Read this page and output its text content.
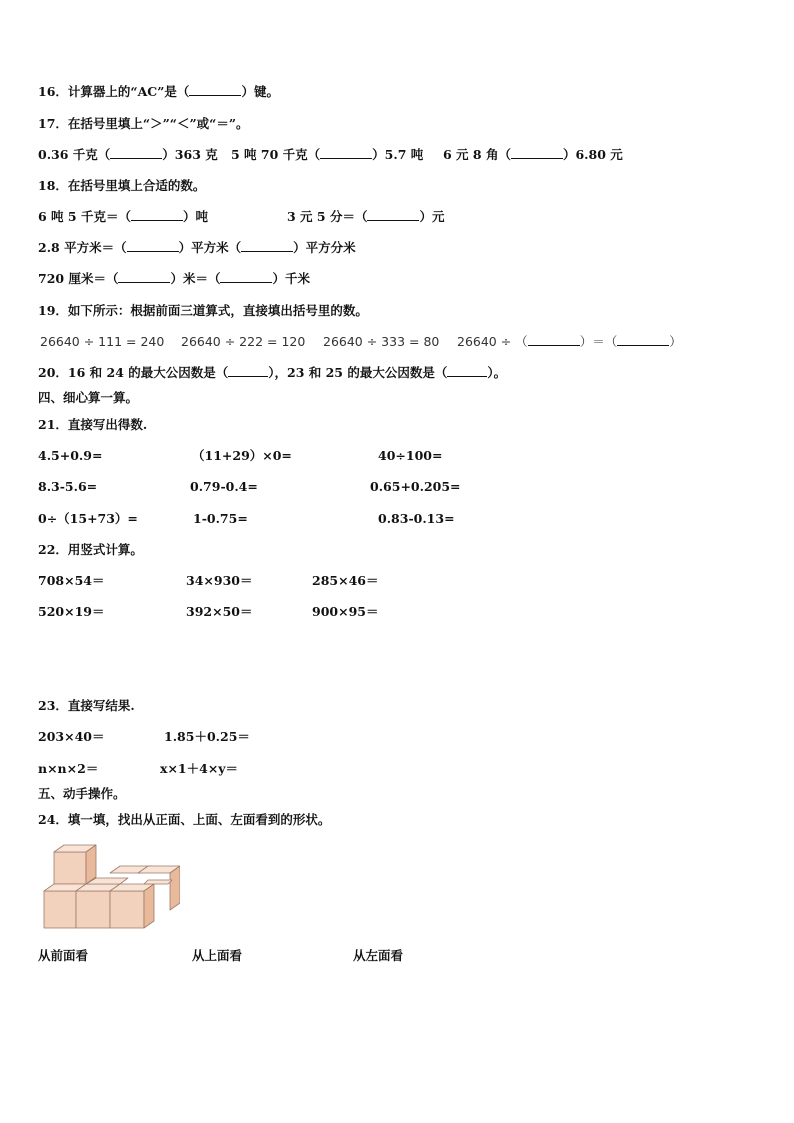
16．计算器上的“AC”是（	）键。
17．在括号里填上“＞”“＜”或“＝”。
0.36 千克（	）363 克 5 吨 70 千克（	）5.7 吨 6 元 8 角（	）6.80 元
18．在括号里填上合适的数。
6 吨 5 千克＝（	）吨	3 元 5 分＝（	）元
2.8 平方米＝（	）平方米（	）平方分米
720 厘米＝（	）米＝（	）千米
19．如下所示：根据前面三道算式，直接填出括号里的数。
26640 ÷ 111 = 240 26640 ÷ 222 = 120 26640 ÷ 333 = 80 26640 ÷ （	）＝（	）
20．16 和 24 的最大公因数是（	），23 和 25 的最大公因数是（	）。
四、细心算一算。
21．直接写出得数.
4.5+0.9=	（11+29）×0=	40÷100=
8.3-5.6=	0.79-0.4=	0.65+0.205=
0÷（15+73）=	1-0.75=	0.83-0.13=
22．用竖式计算。
708×54＝	34×930＝	285×46＝
520×19＝	392×50＝	900×95＝
23．直接写结果.
203×40＝	1.85＋0.25＝
n×n×2＝	x×1＋4×y＝
五、动手操作。
24．填一填，找出从正面、上面、左面看到的形状。
从前面看	从上面看	从左面看
